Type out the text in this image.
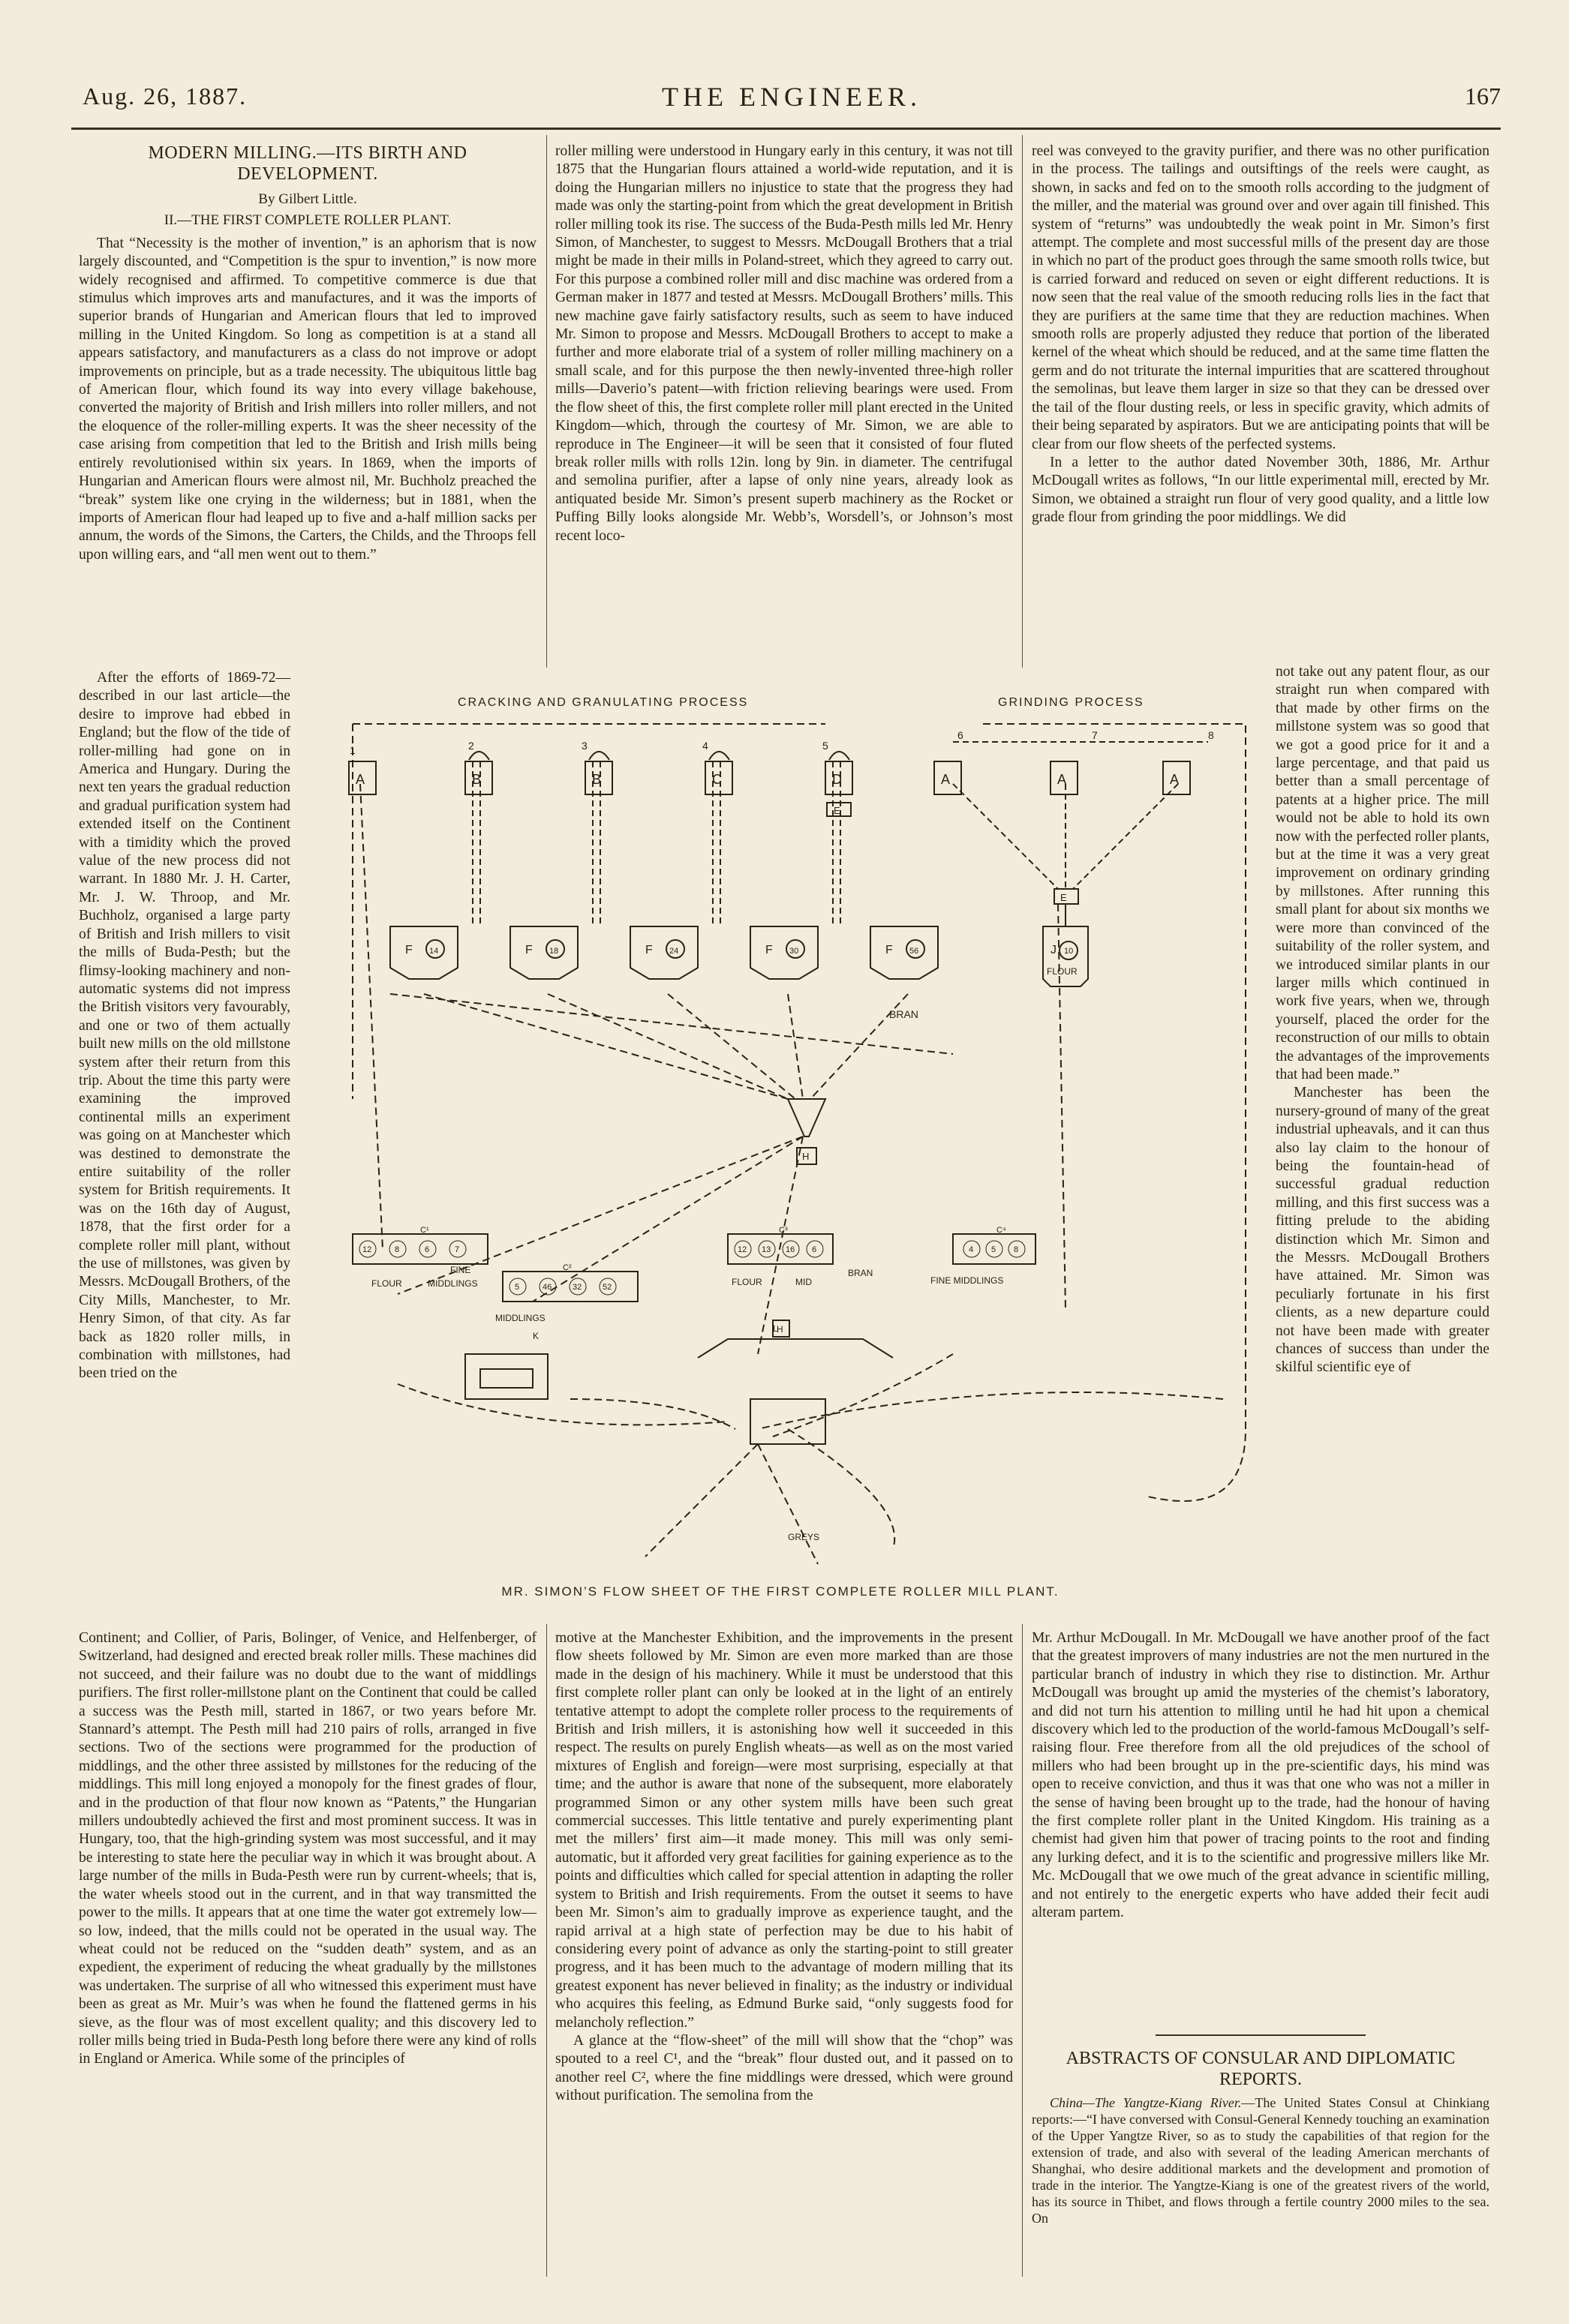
Aug. 26, 1887.	THE ENGINEER.	167
MODERN MILLING.—ITS BIRTH AND DEVELOPMENT.
By Gilbert Little.
II.—THE FIRST COMPLETE ROLLER PLANT.

That “Necessity is the mother of invention,” is an aphorism that is now largely discounted, and “Competition is the spur to invention,” is now more widely recognised and affirmed. To competitive commerce is due that stimulus which improves arts and manufactures, and it was the imports of superior brands of Hungarian and American flours that led to improved milling in the United Kingdom. So long as competition is at a stand all appears satisfactory, and manufacturers as a class do not improve or adopt improvements on principle, but as a trade necessity. The ubiquitous little bag of American flour, which found its way into every village bakehouse, converted the majority of British and Irish millers into roller millers, and not the eloquence of the roller-milling experts. It was the sheer necessity of the case arising from competition that led to the British and Irish mills being entirely revolutionised within six years. In 1869, when the imports of Hungarian and American flours were almost nil, Mr. Buchholz preached the “break” system like one crying in the wilderness; but in 1881, when the imports of American flour had leaped up to five and a-half million sacks per annum, the words of the Simons, the Carters, the Childs, and the Throops fell upon willing ears, and “all men went out to them.”

After the efforts of 1869-72—described in our last article—the desire to improve had ebbed in England; but the flow of the tide of roller-milling had gone on in America and Hungary. During the next ten years the gradual reduction and gradual purification system had extended itself on the Continent with a timidity which the proved value of the new process did not warrant. In 1880 Mr. J. H. Carter, Mr. J. W. Throop, and Mr. Buchholz, organised a large party of British and Irish millers to visit the mills of Buda-Pesth; but the flimsy-looking machinery and non-automatic systems did not impress the British visitors very favourably, and one or two of them actually built new mills on the old millstone system after their return from this trip. About the time this party were examining the improved continental mills an experiment was going on at Manchester which was destined to demonstrate the entire suitability of the roller system for British requirements. It was on the 16th day of August, 1878, that the first order for a complete roller mill plant, without the use of millstones, was given by Messrs. McDougall Brothers, of the City Mills, Manchester, to Mr. Henry Simon, of that city. As far back as 1820 roller mills, in combination with millstones, had been tried on the

Continent; and Collier, of Paris, Bolinger, of Venice, and Helfenberger, of Switzerland, had designed and erected break roller mills. These machines did not succeed, and their failure was no doubt due to the want of middlings purifiers. The first roller-millstone plant on the Continent that could be called a success was the Pesth mill, started in 1867, or two years before Mr. Stannard’s attempt. The Pesth mill had 210 pairs of rolls, arranged in five sections. Two of the sections were programmed for the production of middlings, and the other three assisted by millstones for the reducing of the middlings. This mill long enjoyed a monopoly for the finest grades of flour, and in the production of that flour now known as “Patents,” the Hungarian millers undoubtedly achieved the first and most prominent success. It was in Hungary, too, that the high-grinding system was most successful, and it may be interesting to state here the peculiar way in which it was brought about. A large number of the mills in Buda-Pesth were run by current-wheels; that is, the water wheels stood out in the current, and in that way transmitted the power to the mills. It appears that at one time the water got extremely low—so low, indeed, that the mills could not be operated in the usual way. The wheat could not be reduced on the “sudden death” system, and as an expedient, the experiment of reducing the wheat gradually by the millstones was undertaken. The surprise of all who witnessed this experiment must have been as great as Mr. Muir’s was when he found the flattened germs in his sieve, as the flour was of most excellent quality; and this discovery led to roller mills being tried in Buda-Pesth long before there were any kind of rolls in England or America. While some of the principles of

roller milling were understood in Hungary early in this century, it was not till 1875 that the Hungarian flours attained a world-wide reputation, and it is doing the Hungarian millers no injustice to state that the progress they had made was only the starting-point from which the great development in British roller milling took its rise. The success of the Buda-Pesth mills led Mr. Henry Simon, of Manchester, to suggest to Messrs. McDougall Brothers that a trial might be made in their mills in Poland-street, which they agreed to carry out. For this purpose a combined roller mill and disc machine was ordered from a German maker in 1877 and tested at Messrs. McDougall Brothers’ mills. This new machine gave fairly satisfactory results, such as seem to have induced Mr. Simon to propose and Messrs. McDougall Brothers to accept to make a further and more elaborate trial of a system of roller milling machinery on a small scale, and for this purpose the then newly-invented three-high roller mills—Daverio’s patent—with friction relieving bearings were used. From the flow sheet of this, the first complete roller mill plant erected in the United Kingdom—which, through the courtesy of Mr. Simon, we are able to reproduce in The Engineer—it will be seen that it consisted of four fluted break roller mills with rolls 12in. long by 9in. in diameter. The centrifugal and semolina purifier, after a lapse of only nine years, already look as antiquated beside Mr. Simon’s present superb machinery as the Rocket or Puffing Billy looks alongside Mr. Webb’s, Worsdell’s, or Johnson’s most recent loco-

motive at the Manchester Exhibition, and the improvements in the present flow sheets followed by Mr. Simon are even more marked than are those made in the design of his machinery. While it must be understood that this first complete roller plant can only be looked at in the light of an entirely tentative attempt to adopt the complete roller process to the requirements of British and Irish millers, it is astonishing how well it succeeded in this respect. The results on purely English wheats—as well as on the most varied mixtures of English and foreign—were most surprising, especially at that time; and the author is aware that none of the subsequent, more elaborately programmed Simon or any other system mills have been such great commercial successes. This little tentative and purely experimenting plant met the millers’ first aim—it made money. This mill was only semi-automatic, but it afforded very great facilities for gaining experience as to the points and difficulties which called for special attention in adapting the roller system to British and Irish requirements. From the outset it seems to have been Mr. Simon’s aim to gradually improve as experience taught, and the rapid arrival at a high state of perfection may be due to his habit of considering every point of advance as only the starting-point to still greater progress, and it has been much to the advantage of modern milling that its greatest exponent has never believed in finality; as the industry or individual who acquires this feeling, as Edmund Burke said, “only suggests food for melancholy reflection.”

A glance at the “flow-sheet” of the mill will show that the “chop” was spouted to a reel C¹, and the “break” flour dusted out, and it passed on to another reel C², where the fine middlings were dressed, which were ground without purification. The semolina from the

reel was conveyed to the gravity purifier, and there was no other purification in the process. The tailings and outsiftings of the reels were caught, as shown, in sacks and fed on to the smooth rolls according to the judgment of the miller, and the material was ground over and over again till finished. This system of “returns” was undoubtedly the weak point in Mr. Simon’s first attempt. The complete and most successful mills of the present day are those in which no part of the product goes through the same smooth rolls twice, but is carried forward and reduced on seven or eight different reductions. It is now seen that the real value of the smooth reducing rolls lies in the fact that they are purifiers at the same time that they are reduction machines. When smooth rolls are properly adjusted they reduce that portion of the liberated kernel of the wheat which should be reduced, and at the same time flatten the germ and do not triturate the internal impurities that are scattered throughout the semolinas, but leave them larger in size so that they can be dressed over the tail of the flour dusting reels, or less in specific gravity, which admits of their being separated by aspirators. But we are anticipating points that will be clear from our flow sheets of the perfected systems.

In a letter to the author dated November 30th, 1886, Mr. Arthur McDougall writes as follows, “In our little experimental mill, erected by Mr. Simon, we obtained a straight run flour of very good quality, and a little low grade flour from grinding the poor middlings. We did

not take out any patent flour, as our straight run when compared with that made by other firms on the millstone system was so good that we got a good price for it and a large percentage, and that paid us better than a small percentage of patents at a higher price. The mill would not be able to hold its own now with the perfected roller plants, but at the time it was a very great improvement on ordinary grinding by millstones. After running this small plant for about six months we were more than convinced of the suitability of the roller system, and we introduced similar plants in our larger mills which continued in work five years, when we, through yourself, placed the order for the reconstruction of our mills to obtain the advantages of the improvements that had been made.”

Manchester has been the nursery-ground of many of the great industrial upheavals, and it can thus also lay claim to the honour of being the fountain-head of successful gradual reduction milling, and this first success was a fitting prelude to the abiding distinction which Mr. Simon and the Messrs. McDougall Brothers have attained. Mr. Simon was peculiarly fortunate in his first clients, as a new departure could not have been made with greater chances of success than under the skilful scientific eye of

Mr. Arthur McDougall. In Mr. McDougall we have another proof of the fact that the greatest improvers of many industries are not the men nurtured in the particular branch of industry in which they rise to distinction. Mr. Arthur McDougall was brought up amid the mysteries of the chemist’s laboratory, and did not turn his attention to milling until he had hit upon a chemical discovery which led to the production of the world-famous McDougall’s self-raising flour. Free therefore from all the old prejudices of the school of millers who had been brought up in the pre-scientific days, his mind was open to receive conviction, and thus it was that one who was not a miller in the sense of having been brought up to the trade, had the honour of having the first complete roller plant in the United Kingdom. His training as a chemist had given him that power of tracing points to the root and finding any lurking defect, and it is to the scientific and progressive millers like Mr. Mc. McDougall that we owe much of the great advance in scientific milling, and not entirely to the energetic experts who have added their fecit audi alteram partem.

ABSTRACTS OF CONSULAR AND DIPLOMATIC REPORTS.

China—The Yangtze-Kiang River.—The United States Consul at Chinkiang reports:—“I have conversed with Consul-General Kennedy touching an examination of the Upper Yangtze River, so as to study the capabilities of that region for the extension of trade, and also with several of the leading American merchants of Shanghai, who desire additional markets and the development and promotion of trade in the interior. The Yangtze-Kiang is one of the greatest rivers of the world, has its source in Thibet, and flows through a fertile country 2000 miles to the sea. On

CRACKING AND GRANULATING PROCESS	GRINDING PROCESS
A
1
B
2
B
3
C
4
D
5
A
6
A
7
A
8
E
E
F 14	F 18	F 24	F 30	F 56	J 10
BRAN
FLOUR
H
C¹
12	8	6	7
C²
5	46	32	52
C³
12 13 16 6
C⁴
4 5 8
FLOUR
FINE
MIDDLINGS
MIDDLINGS
FLOUR	MID
BRAN
FINE MIDDLINGS
H
K
L
GREYS
MR. SIMON’S FLOW SHEET OF THE FIRST COMPLETE ROLLER MILL PLANT.
